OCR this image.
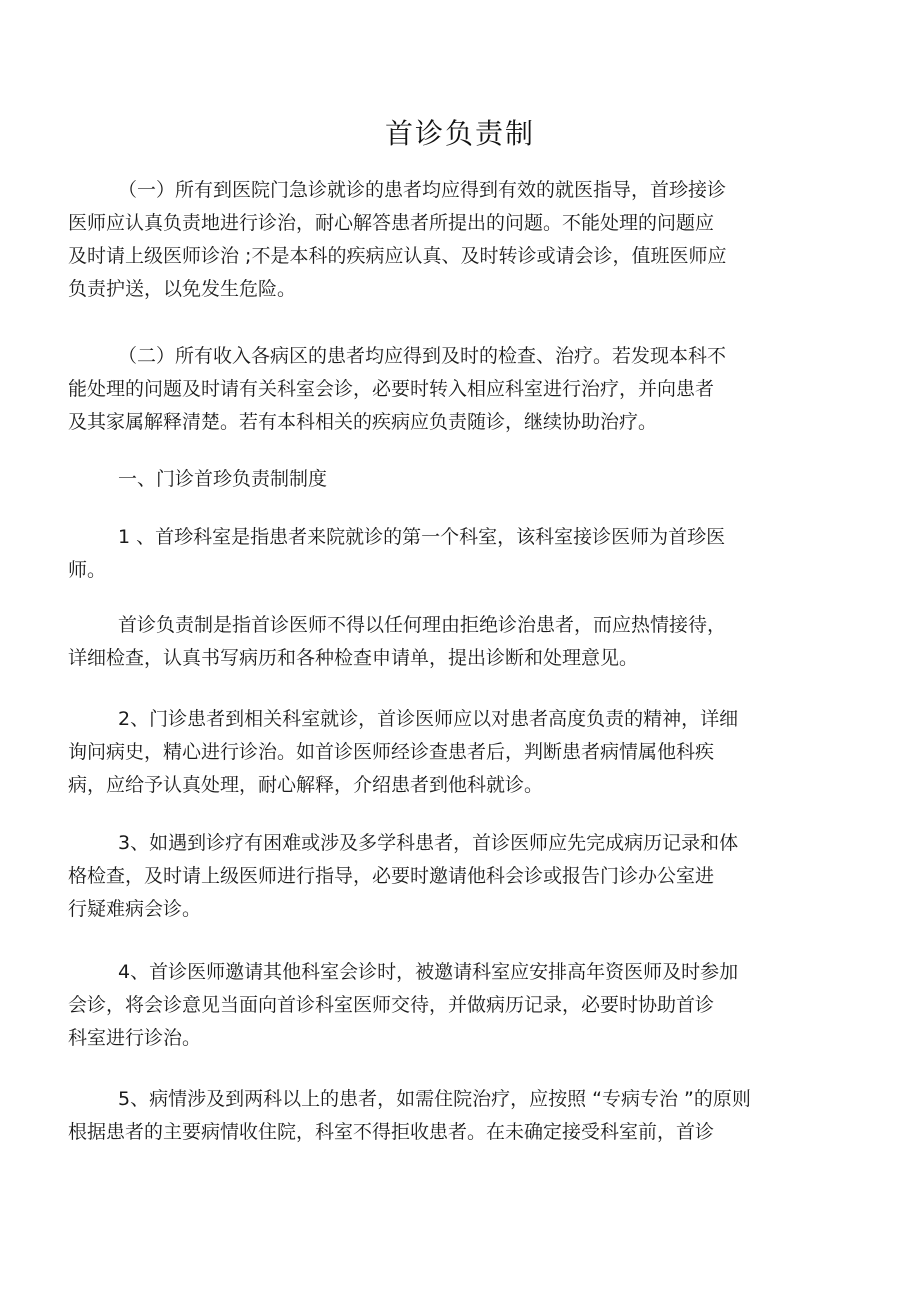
首诊负责制
（一）所有到医院门急诊就诊的患者均应得到有效的就医指导，首珍接诊
医师应认真负责地进行诊治，耐心解答患者所提出的问题。不能处理的问题应
及时请上级医师诊治 ;不是本科的疾病应认真、及时转诊或请会诊，值班医师应
负责护送，以免发生危险。
（二）所有收入各病区的患者均应得到及时的检查、治疗。若发现本科不
能处理的问题及时请有关科室会诊，必要时转入相应科室进行治疗，并向患者
及其家属解释清楚。若有本科相关的疾病应负责随诊，继续协助治疗。
一、门诊首珍负责制制度
1 、首珍科室是指患者来院就诊的第一个科室，该科室接诊医师为首珍医
师。
首诊负责制是指首诊医师不得以任何理由拒绝诊治患者，而应热情接待，
详细检查，认真书写病历和各种检查申请单，提出诊断和处理意见。
2、门诊患者到相关科室就诊，首诊医师应以对患者高度负责的精神，详细
询问病史，精心进行诊治。如首诊医师经诊查患者后，判断患者病情属他科疾
病，应给予认真处理，耐心解释，介绍患者到他科就诊。
3、如遇到诊疗有困难或涉及多学科患者，首诊医师应先完成病历记录和体
格检查，及时请上级医师进行指导，必要时邀请他科会诊或报告门诊办公室进
行疑难病会诊。
4、首诊医师邀请其他科室会诊时，被邀请科室应安排高年资医师及时参加
会诊，将会诊意见当面向首诊科室医师交待，并做病历记录，必要时协助首诊
科室进行诊治。
5、病情涉及到两科以上的患者，如需住院治疗，应按照 “专病专治 ”的原则
根据患者的主要病情收住院，科室不得拒收患者。在未确定接受科室前，首诊
